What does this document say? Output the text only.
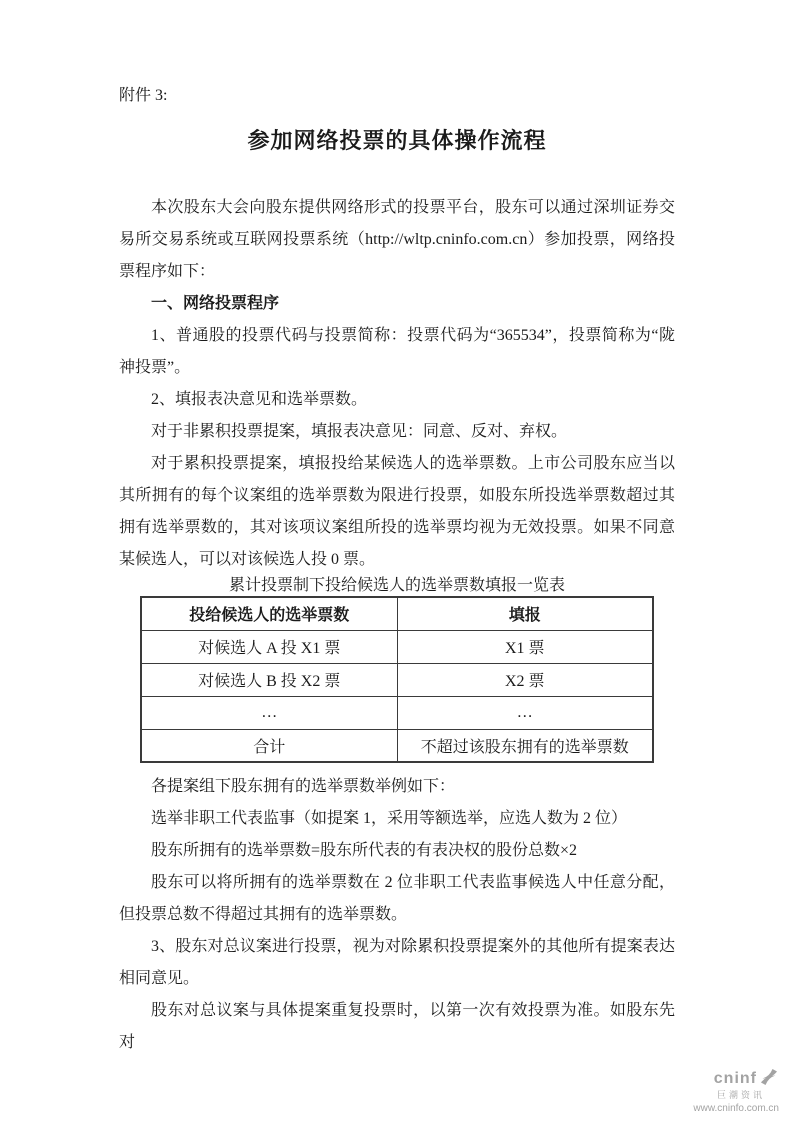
附件 3:
参加网络投票的具体操作流程

本次股东大会向股东提供网络形式的投票平台，股东可以通过深圳证券交易所交易系统或互联网投票系统（http://wltp.cninfo.com.cn）参加投票，网络投票程序如下：

一、网络投票程序

1、普通股的投票代码与投票简称：投票代码为“365534”，投票简称为“陇神投票”。

2、填报表决意见和选举票数。

对于非累积投票提案，填报表决意见：同意、反对、弃权。

对于累积投票提案，填报投给某候选人的选举票数。上市公司股东应当以其所拥有的每个议案组的选举票数为限进行投票，如股东所投选举票数超过其拥有选举票数的，其对该项议案组所投的选举票均视为无效投票。如果不同意某候选人，可以对该候选人投 0 票。

累计投票制下投给候选人的选举票数填报一览表
投给候选人的选举票数	填报
对候选人 A 投 X1 票	X1 票
对候选人 B 投 X2 票	X2 票
…	…
合计	不超过该股东拥有的选举票数

各提案组下股东拥有的选举票数举例如下：

选举非职工代表监事（如提案 1，采用等额选举，应选人数为 2 位）

股东所拥有的选举票数=股东所代表的有表决权的股份总数×2

股东可以将所拥有的选举票数在 2 位非职工代表监事候选人中任意分配，但投票总数不得超过其拥有的选举票数。

3、股东对总议案进行投票，视为对除累积投票提案外的其他所有提案表达相同意见。

股东对总议案与具体提案重复投票时，以第一次有效投票为准。如股东先对

cninf
巨潮资讯
www.cninfo.com.cn
